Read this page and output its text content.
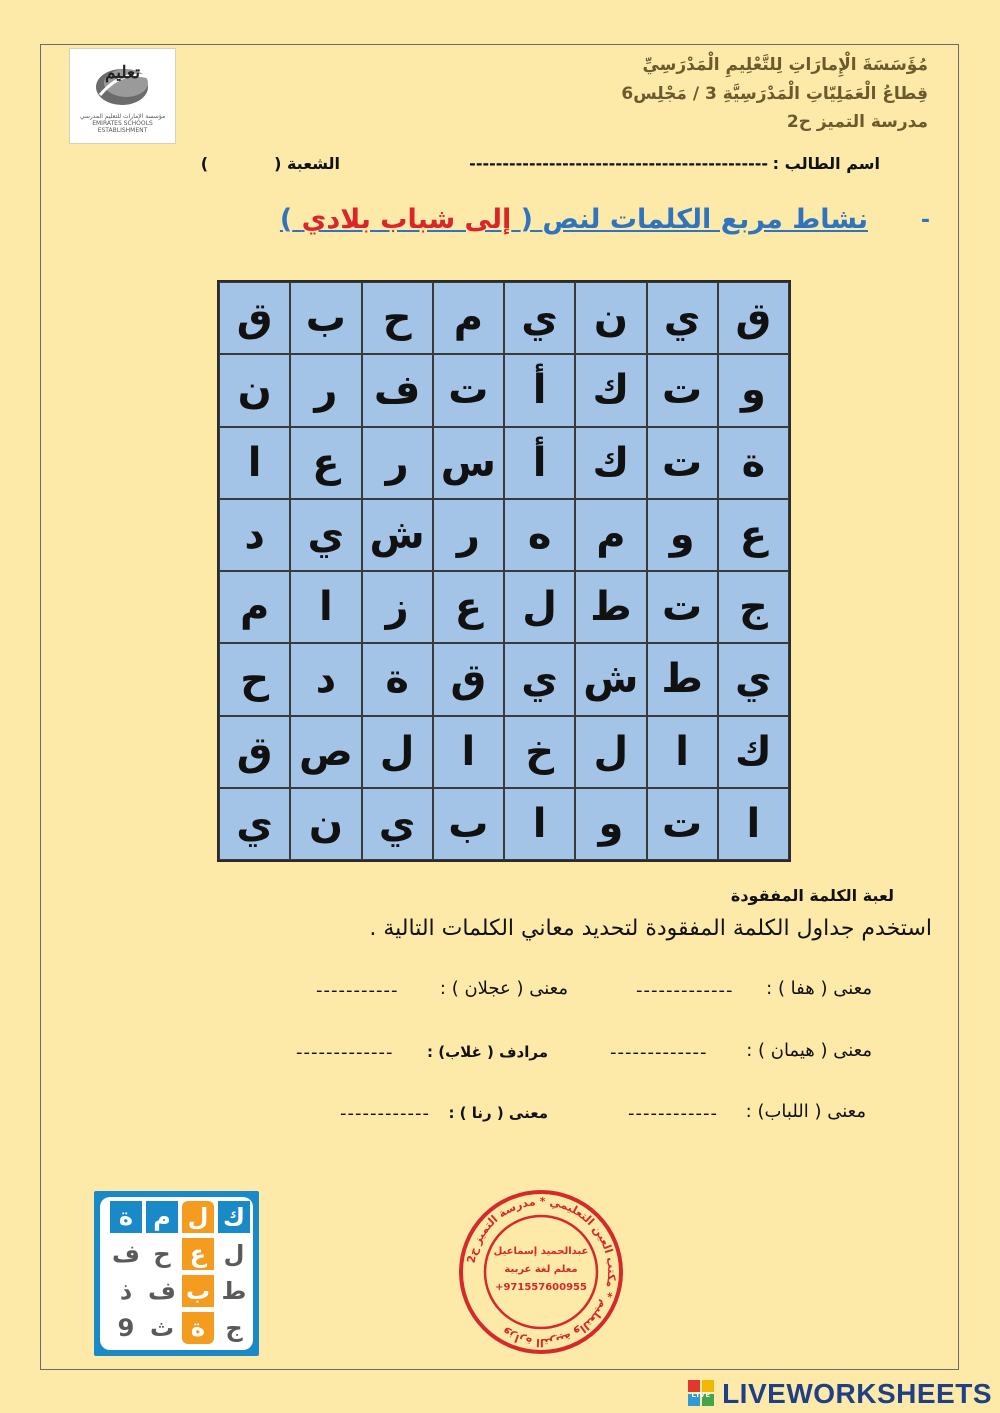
تعليم
مؤسسة الإمارات للتعليم المدرسي
EMIRATES SCHOOLS ESTABLISHMENT
مُؤَسَسَةَ الْإِمارَاتِ لِلتَّعْلِيمِ الْمَدْرَسِيِّ
قِطاعُ الْعَمَلِيّاتِ الْمَدْرَسِيَّةِ 3 / مَجْلِس6
مدرسة التميز ح2
اسم الطالب :
---------------------------------------------
الشعبة (
)
-
نشاط مربع الكلمات لنص ( إلى شباب بلادي )
ق
ي
ن
ي
م
ح
ب
ق
و
ت
ك
أ
ت
ف
ر
ن
ة
ت
ك
أ
س
ر
ع
ا
ع
و
م
ه
ر
ش
ي
د
ج
ت
ط
ل
ع
ز
ا
م
ي
ط
ش
ي
ق
ة
د
ح
ك
ا
ل
خ
ا
ل
ص
ق
ا
ت
و
ا
ب
ي
ن
ي
لعبة الكلمة المفقودة
استخدم جداول الكلمة المفقودة لتحديد معاني الكلمات التالية .
معنى ( هفا ) :
-------------
معنى ( عجلان ) :
-----------
معنى ( هيمان ) :
-------------
مرادف ( غلاب) :
-------------
معنى ( اللباب) :
------------
معنى ( رنا ) :
------------
ك
ل
م
ة
ل
ع
ح
ف
ط
ب
ف
ذ
ج
ة
ث
9
وزارة التربية والتعليم * مكتب العين التعليمي * مدرسة التميز ح2
عبدالحميد إسماعيل
معلم لغة عربية
+971557600955
LIVE LIVEWORKSHEETS
